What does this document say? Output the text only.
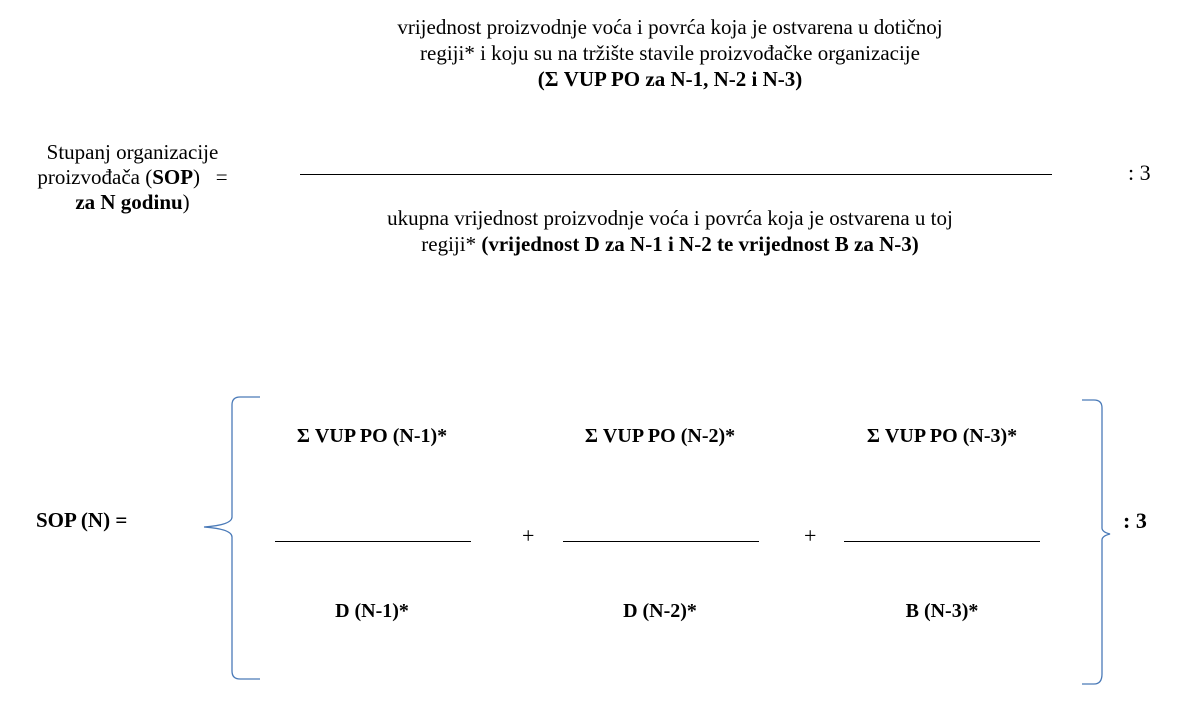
vrijednost proizvodnje voća i povrća koja je ostvarena u dotičnoj
regiji* i koju su na tržište stavile proizvođačke organizacije
(Σ VUP PO za N-1, N-2 i N-3)
Stupanj organizacije
proizvođača (SOP) =
za N godinu)
: 3
ukupna vrijednost proizvodnje voća i povrća koja je ostvarena u toj
regiji* (vrijednost D za N-1 i N-2 te vrijednost B za N-3)
SOP (N) =
Σ VUP PO (N-1)*
D (N-1)*
+
Σ VUP PO (N-2)*
D (N-2)*
+
Σ VUP PO (N-3)*
B (N-3)*
: 3
